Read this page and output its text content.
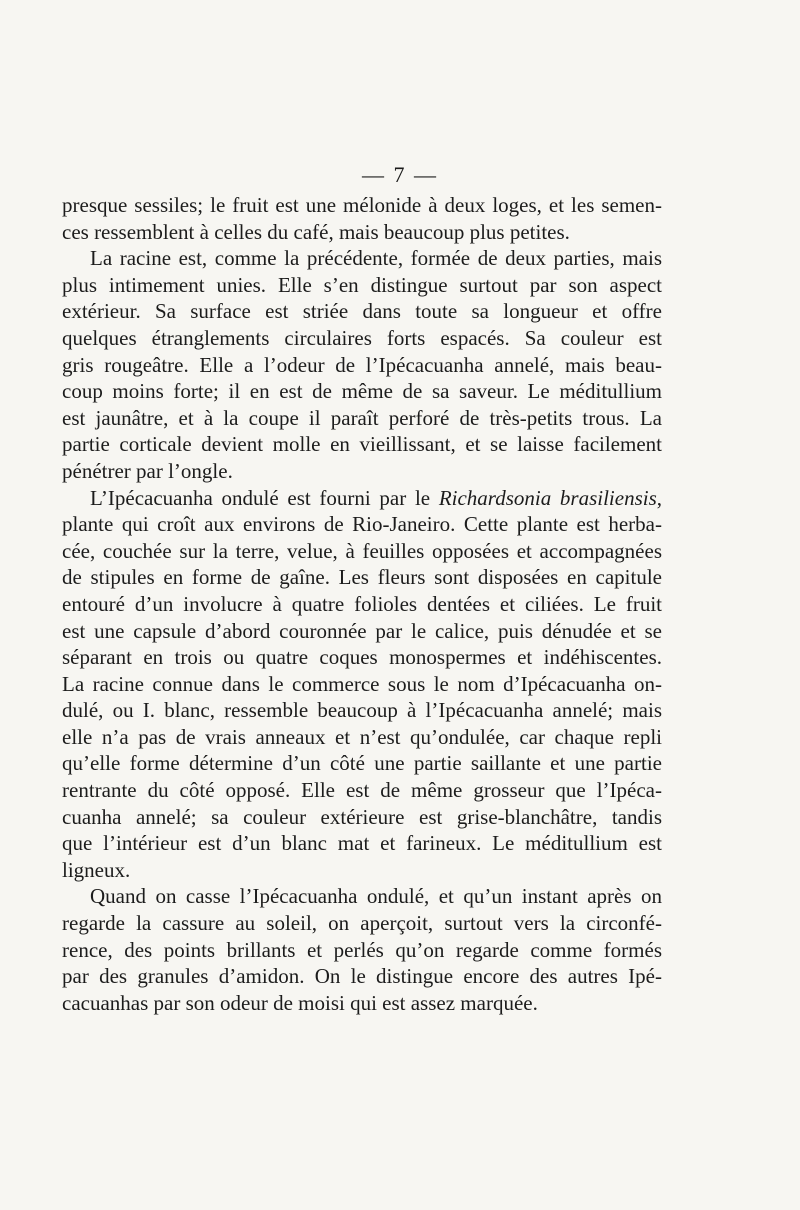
— 7 —
presque sessiles; le fruit est une mélonide à deux loges, et les semen-
ces ressemblent à celles du café, mais beaucoup plus petites.
La racine est, comme la précédente, formée de deux parties, mais
plus intimement unies. Elle s’en distingue surtout par son aspect
extérieur. Sa surface est striée dans toute sa longueur et offre
quelques étranglements circulaires forts espacés. Sa couleur est
gris rougeâtre. Elle a l’odeur de l’Ipécacuanha annelé, mais beau-
coup moins forte; il en est de même de sa saveur. Le méditullium
est jaunâtre, et à la coupe il paraît perforé de très-petits trous. La
partie corticale devient molle en vieillissant, et se laisse facilement
pénétrer par l’ongle.
L’Ipécacuanha ondulé est fourni par le Richardsonia brasiliensis,
plante qui croît aux environs de Rio-Janeiro. Cette plante est herba-
cée, couchée sur la terre, velue, à feuilles opposées et accompagnées
de stipules en forme de gaîne. Les fleurs sont disposées en capitule
entouré d’un involucre à quatre folioles dentées et ciliées. Le fruit
est une capsule d’abord couronnée par le calice, puis dénudée et se
séparant en trois ou quatre coques monospermes et indéhiscentes.
La racine connue dans le commerce sous le nom d’Ipécacuanha on-
dulé, ou I. blanc, ressemble beaucoup à l’Ipécacuanha annelé; mais
elle n’a pas de vrais anneaux et n’est qu’ondulée, car chaque repli
qu’elle forme détermine d’un côté une partie saillante et une partie
rentrante du côté opposé. Elle est de même grosseur que l’Ipéca-
cuanha annelé; sa couleur extérieure est grise-blanchâtre, tandis
que l’intérieur est d’un blanc mat et farineux. Le méditullium est
ligneux.
Quand on casse l’Ipécacuanha ondulé, et qu’un instant après on
regarde la cassure au soleil, on aperçoit, surtout vers la circonfé-
rence, des points brillants et perlés qu’on regarde comme formés
par des granules d’amidon. On le distingue encore des autres Ipé-
cacuanhas par son odeur de moisi qui est assez marquée.
